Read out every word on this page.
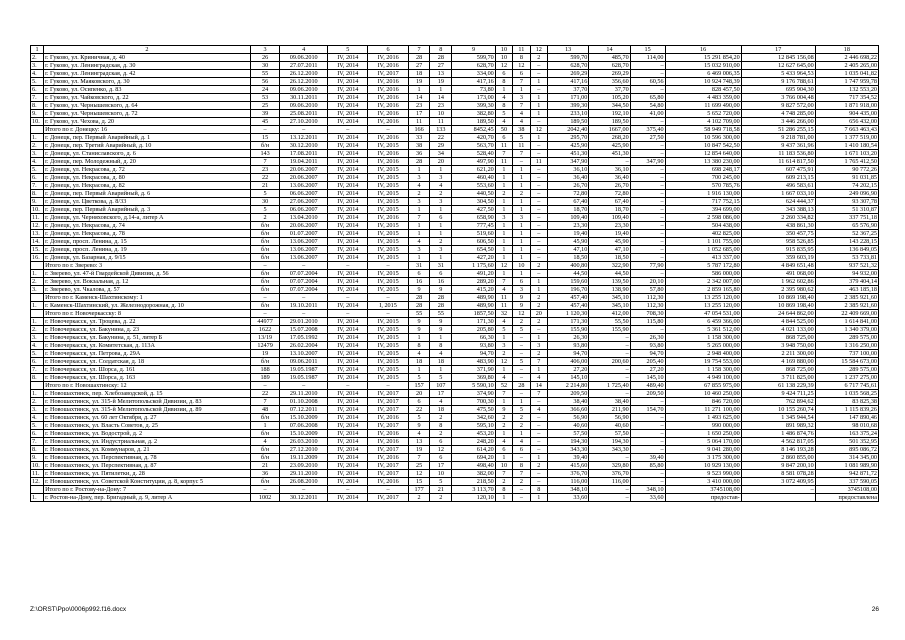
1	2	3	4	5	6	7	8	9	10	11	12	13	14	15	16	17	18
2.	г. Гуково, ул. Криничная, д. 40	26	09.06.2010	IV, 2014	IV, 2016	28	28	599,70	10	8	2	599,70	485,70	114,00	15 291 854,20	12 845 156,08	2 446 698,22
3.	г. Гуково, ул. Ленинградская, д. 30	30	27.07.2011	IV, 2014	IV, 2016	27	27	628,70	12	12	–	628,70	628,70	–	15 032 910,00	12 627 645,00	2 405 265,00
4.	г. Гуково, ул. Ленинградская, д. 42	55	26.12.2010	IV, 2014	IV, 2017	18	13	334,00	6	6	–	269,29	269,29	–	6 469 006,35	5 433 964,53	1 035 041,82
5.	г. Гуково, ул. Маяковского, д. 30	56	26.12.2010	IV, 2014	IV, 2016	19	19	417,16	8	7	1	417,16	356,60	60,56	10 924 748,39	9 176 788,61	1 747 959,78
6.	г. Гуково, ул. Осипенко, д. 83	24	09.06.2010	IV, 2014	IV, 2016	1	1	73,80	1	1	–	37,70	37,70	–	828 457,50	695 904,30	132 553,20
7.	г. Гуково, ул. Чайковского, д. 22	53	30.11.2011	IV, 2014	IV, 2016	14	14	173,00	4	3	1	171,00	105,20	65,80	4 483 359,00	3 766 004,48	717 354,52
8.	г. Гуково, ул. Чернышевского, д. 64	25	09.06.2010	IV, 2014	IV, 2016	23	23	399,30	8	7	1	399,30	344,50	54,80	11 699 490,00	9 827 572,00	1 871 918,00
9.	г. Гуково, ул. Чернышевского, д. 72	39	25.08.2011	IV, 2014	IV, 2016	17	10	382,80	5	4	1	233,10	192,10	41,00	5 652 720,00	4 748 285,00	904 435,00
10.	г. Гуково, ул. Чехова, д. 20	45	27.10.2010	IV, 2014	IV, 2016	11	11	189,50	4	4	–	189,50	189,50	–	4 102 709,00	3 446 266,00	656 432,00
	Итого по г. Донецку: 16	–	–	–	–	166	133	8452,45	50	38	12	2042,40	1667,00	375,40	58 949 718,58	51 286 255,15	7 663 463,43
1.	г. Донецк, пер. Первый Аварийный, д. 1	15	13.12.2011	IV, 2014	IV, 2016	33	22	420,70	6	5	1	295,70	268,20	27,50	10 596 300,00	9 218 781,00	1 377 519,00
2.	г. Донецк, пер. Третий Аварийный, д. 10	б/н	30.12.2010	IV, 2014	IV, 2015	38	29	563,70	11	11	–	425,90	425,90	–	10 847 542,50	9 437 361,96	1 410 180,54
3.	г. Донецк, ул. Станиславского, д. 6	143	17.08.2011	IV, 2014	IV, 2016	36	34	528,40	7	7	–	451,30	451,30	–	12 854 640,00	11 183 536,80	1 671 103,20
4.	г. Донецк, пер. Молодежный, д. 20	7	19.04.2011	IV, 2014	IV, 2016	28	20	497,90	11	–	11	347,90	–	347,90	13 380 230,00	11 614 817,50	1 765 412,50
5.	г. Донецк, ул. Некрасова, д. 72	23	20.06.2007	IV, 2014	IV, 2015	1	1	621,20	1	1	–	36,10	36,10	–	698 248,17	607 475,91	90 772,26
6.	г. Донецк, ул. Некрасова, д. 80	22	20.06.2007	IV, 2014	IV, 2015	3	3	460,40	1	1	–	36,40	36,40	–	700 245,00	609 213,15	91 031,85
7.	г. Донецк, ул. Некрасова, д. 82	21	13.06.2007	IV, 2014	IV, 2015	4	4	553,60	1	1	–	26,70	26,70	–	570 785,76	496 583,61	74 202,15
8.	г. Донецк, пер. Первый Аварийный, д. 6	5	06.06.2007	IV, 2014	IV, 2015	2	2	440,50	2	2	–	72,80	72,80	–	1 916 130,00	1 667 033,10	249 096,90
9.	г. Донецк, ул. Цветкова, д. 8/33	30	27.06.2007	IV, 2014	IV, 2015	3	3	304,50	1	1	–	67,40	67,40	–	717 752,15	624 444,37	93 307,78
10.	г. Донецк, пер. Первый Аварийный, д. 3	5	06.06.2007	IV, 2014	IV, 2015	1	1	427,50	1	1	–	18,70	18,70	–	394 699,00	343 388,13	51 310,87
11.	г. Донецк, ул. Черняховского, д.14-а, литер А	2	13.04.2010	IV, 2014	IV, 2016	7	6	658,90	3	3	–	109,40	109,40	–	2 598 086,00	2 260 334,82	337 751,18
12.	г. Донецк, ул. Некрасова, д. 74	б/н	20.06.2007	IV, 2014	IV, 2015	1	1	777,45	1	1	–	23,30	23,30	–	504 438,00	438 861,30	65 576,90
13.	г. Донецк, ул. Некрасова, д. 78	б/н	01.07.2007	IV, 2014	IV, 2015	1	1	519,60	1	1	–	19,40	19,40	–	402 825,00	350 457,75	52 367,25
14.	г. Донецк, просп. Ленина, д. 15	б/н	13.06.2007	IV, 2014	IV, 2015	4	2	606,50	1	1	–	45,90	45,90	–	1 101 755,00	958 526,85	143 228,15
15.	г. Донецк, просп. Ленина, д. 19	б/н	13.06.2007	IV, 2014	IV, 2015	3	3	654,50	1	1	–	47,10	47,10	–	1 052 685,00	915 835,95	136 849,05
16.	г. Донецк, ул. Базарная, д. 9/15	б/н	13.06.2007	IV, 2014	IV, 2015	1	1	427,20	1	1	–	18,50	18,50	–	413 337,00	359 603,19	53 733,81
	Итого по г. Зверево: 3	–	–	–	–	31	31	1 175,60	12	10	2	400,80	322,90	77,90	5 787 172,80	4 849 651,48	937 521,32
1.	г. Зверево, ул. 47-й Гвардейской Дивизии, д. 56	б/н	07.07.2004	IV, 2014	IV, 2015	6	6	491,20	1	1	–	44,50	44,50	–	586 000,00	491 068,00	94 932,00
2.	г. Зверево, ул. Вокзальная, д. 12	б/н	07.07.2004	IV, 2014	IV, 2015	16	16	289,20	7	6	1	159,60	139,50	20,10	2 342 007,00	1 962 602,86	379 404,14
3.	г. Зверево, ул. Чкалова, д. 57	б/н	07.07.2004	IV, 2014	IV, 2015	9	9	415,20	4	3	1	196,70	138,90	57,80	2 859 165,80	2 395 980,62	463 185,18
	Итого по г. Каменск-Шахтинскому: 1	–	–	–	–	28	28	489,90	11	9	2	457,40	345,10	112,30	13 255 120,00	10 869 198,40	2 385 921,60
1.	г. Каменск-Шахтинский, ул. Железнодорожная, д. 10	б/н	19.10.2011	IV, 2014	I, 2015	28	28	489,90	11	9	2	457,40	345,10	112,30	13 255 120,00	10 869 198,40	2 385 921,60
	Итого по г. Новочеркасску: 8	–	–	–	–	55	55	1857,50	32	12	20	1 120,30	412,00	708,30	47 054 531,00	24 644 862,00	22 409 669,00
1.	г. Новочеркасск, ул. Троцева, д. 22	44977	29.01.2010	IV, 2014	IV, 2015	9	9	171,30	4	2	2	171,30	55,50	115,80	6 459 366,00	4 844 525,00	1 614 841,00
2.	г. Новочеркасск, ул. Бакунина, д. 23	1622	15.07.2008	IV, 2014	IV, 2015	9	9	205,80	5	5	–	155,90	155,90	–	5 361 512,00	4 021 133,00	1 340 379,00
3.	г. Новочеркасск, ул. Бакунина, д. 51, литер Б	13/19	17.05.1992	IV, 2014	IV, 2015	1	1	66,30	1	–	1	26,30	–	26,30	1 158 300,00	868 725,00	289 575,00
4.	г. Новочеркасск, ул. Комитетская, д. 113А	12479	26.02.2004	IV, 2014	IV, 2015	8	8	93,80	3	–	3	93,80	–	93,80	5 265 000,00	3 948 750,00	1 316 250,00
5.	г. Новочеркасск, ул. Петрова, д. 29А	19	13.10.2007	IV, 2014	IV, 2015	4	4	94,70	2	–	2	94,70	–	94,70	2 948 400,00	2 211 300,00	737 100,00
6.	г. Новочеркасск, ул. Солдатская, д. 18	б/н	09.06.2011	IV, 2014	IV, 2015	18	18	483,90	12	5	7	406,00	200,60	205,40	19 754 553,00	4 169 880,00	15 584 673,00
7.	г. Новочеркасск, ул. Шорса, д. 161	188	19.05.1987	IV, 2014	IV, 2015	1	1	371,90	1	–	1	27,20	–	27,20	1 158 300,00	868 725,00	289 575,00
8.	г. Новочеркасск, ул. Шорса, д. 163	189	19.05.1987	IV, 2014	IV, 2015	5	5	369,80	4	–	4	145,10	–	145,10	4 949 100,00	3 711 825,00	1 237 275,00
	Итого по г. Новошахтинску: 12	–	–	–	–	157	107	5 590,10	52	28	14	2 214,80	1 725,40	489,40	67 855 975,00	61 138 229,39	6 717 745,61
1.	г. Новошахтинск, пер. Хлебозаводской, д. 15	22	29.11.2010	IV, 2014	IV, 2017	20	17	374,90	7	–	7	209,50	–	209,50	10 460 250,00	9 424 711,25	1 035 568,25
2.	г. Новошахтинск, ул. 315-й Мелитопольской Дивизии, д. 83	7	01.10.2008	IV, 2014	IV, 2017	6	4	700,30	1	1	–	38,40	38,40	–	846 720,00	762 894,62	83 825,38
3.	г. Новошахтинск, ул. 315-й Мелитопольской Дивизии, д. 89	48	07.12.2011	IV, 2014	IV, 2017	22	18	475,50	9	5	4	366,60	211,90	154,70	11 271 100,00	10 155 260,74	1 115 839,26
4.	г. Новошахтинск, ул. 60 лет Октября, д. 27	б/н	15.10.2009	IV, 2014	IV, 2016	5	2	342,60	2	2	–	56,90	56,90	–	1 493 625,00	1 345 944,54	147 890,46
5.	г. Новошахтинск, ул. Власть Советов, д. 25	1	07.06.2008	IV, 2014	IV, 2017	9	8	595,10	2	2	–	40,60	40,60	–	990 000,00	891 989,32	98 010,68
6.	г. Новошахтинск, ул. Водострой, д. 2	б/н	15.10.2009	IV, 2014	IV, 2016	4	2	453,20	1	1	–	57,50	57,50	–	1 650 250,00	1 486 874,76	163 375,24
7.	г. Новошахтинск, ул. Индустриальная, д. 2	4	26.03.2010	IV, 2014	IV, 2016	13	6	248,20	4	4	–	194,30	194,30	–	5 064 170,00	4 562 817,05	501 352,95
8.	г. Новошахтинск, ул. Коммунаров, д. 21	б/н	27.12.2010	IV, 2014	IV, 2017	19	12	614,20	6	6	–	343,30	343,30	–	9 041 280,00	8 146 193,28	895 086,72
9.	г. Новошахтинск, ул. Перспективная, д. 78	б/н	19.11.2009	IV, 2014	IV, 2016	7	6	694,20	1	–	1	39,40	–	39,40	3 175 300,00	2 860 855,00	314 345,00
10.	г. Новошахтинск, ул. Перспективная, д. 87	21	23.09.2010	IV, 2014	IV, 2017	25	17	498,40	10	8	2	415,60	329,80	85,80	10 929 130,00	9 847 200,10	1 081 989,90
11.	г. Новошахтинск, ул. Пятилетки, д. 28	36	29.11.2010	IV, 2014	IV, 2017	12	10	382,00	7	7	–	376,70	376,70	–	9 523 990,00	8 581 078,28	942 871,72
12.	г. Новошахтинск, ул. Советской Конституции, д. 8, корпус 5	б/н	26.08.2010	IV, 2014	IV, 2016	15	5	218,50	2	2	–	116,00	116,00	–	3 410 000,00	3 072 409,95	337 590,05
	Итого по г. Ростову-на-Дону: 7	–	–	–	–	177	21	3 113,70	8	–	8	348,10	–	348,10	3745108,00	–	3745108,00
1.	г. Ростов-на-Дону, пер. Бригадный, д. 9, литер А	1002	30.12.2011	IV, 2014	IV, 2017	2	2	120,10	1	–	1	33,60	–	33,60	предостав-		предоставлена
Z:\ORST\Ppo\0006p992.f16.docx	26
